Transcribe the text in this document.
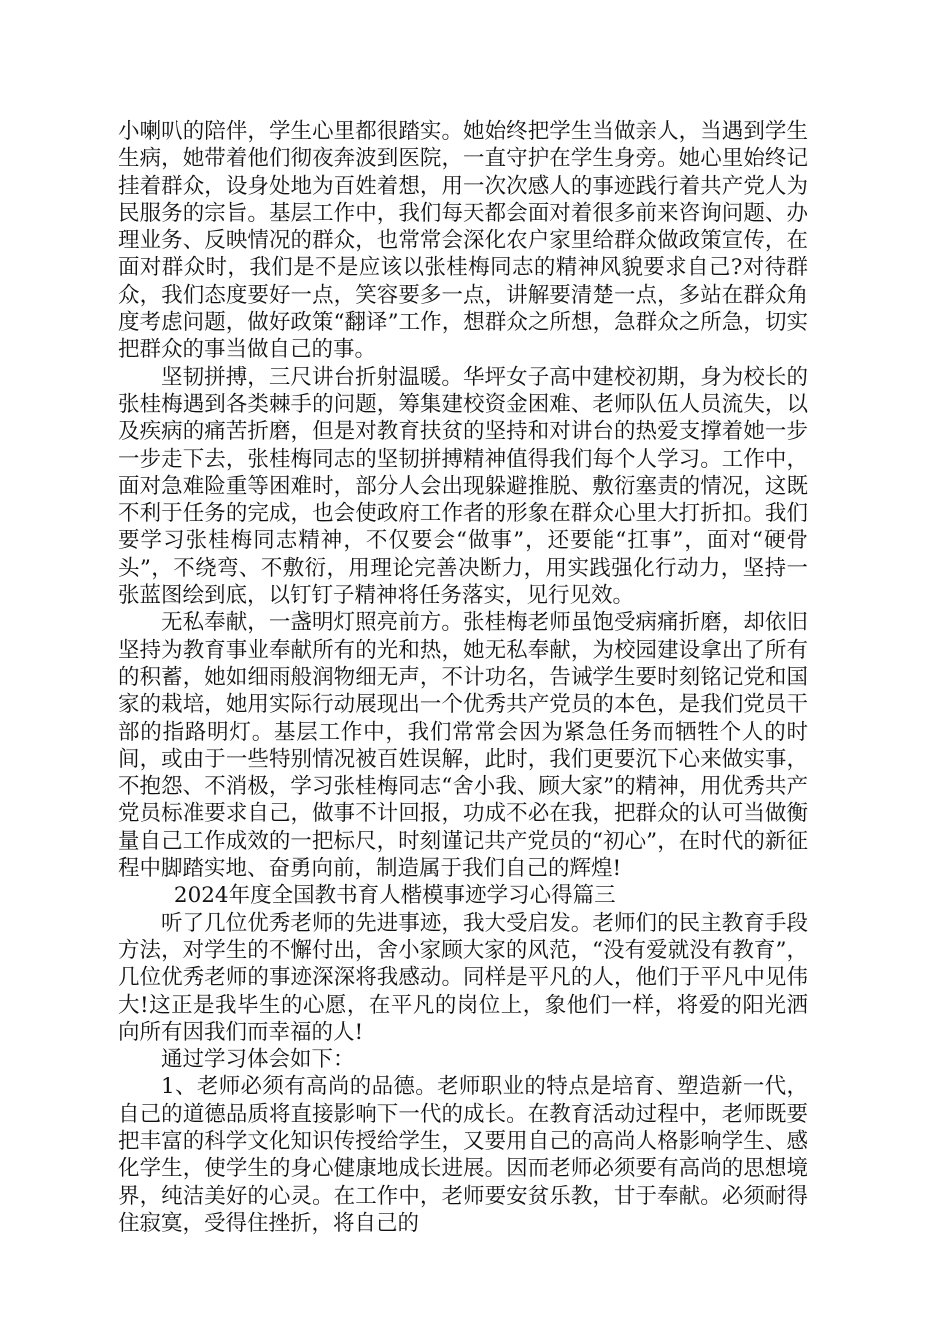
小喇叭的陪伴，学生心里都很踏实。她始终把学生当做亲人，当遇到学生生病，她带着他们彻夜奔波到医院，一直守护在学生身旁。她心里始终记挂着群众，设身处地为百姓着想，用一次次感人的事迹践行着共产党人为民服务的宗旨。基层工作中，我们每天都会面对着很多前来咨询问题、办理业务、反映情况的群众，也常常会深化农户家里给群众做政策宣传，在面对群众时，我们是不是应该以张桂梅同志的精神风貌要求自己?对待群众，我们态度要好一点，笑容要多一点，讲解要清楚一点，多站在群众角度考虑问题，做好政策“翻译”工作，想群众之所想，急群众之所急，切实把群众的事当做自己的事。

坚韧拼搏，三尺讲台折射温暖。华坪女子高中建校初期，身为校长的张桂梅遇到各类棘手的问题，筹集建校资金困难、老师队伍人员流失，以及疾病的痛苦折磨，但是对教育扶贫的坚持和对讲台的热爱支撑着她一步一步走下去，张桂梅同志的坚韧拼搏精神值得我们每个人学习。工作中，面对急难险重等困难时，部分人会出现躲避推脱、敷衍塞责的情况，这既不利于任务的完成，也会使政府工作者的形象在群众心里大打折扣。我们要学习张桂梅同志精神，不仅要会“做事”，还要能“扛事”，面对“硬骨头”，不绕弯、不敷衍，用理论完善决断力，用实践强化行动力，坚持一张蓝图绘到底，以钉钉子精神将任务落实，见行见效。

无私奉献，一盏明灯照亮前方。张桂梅老师虽饱受病痛折磨，却依旧坚持为教育事业奉献所有的光和热，她无私奉献，为校园建设拿出了所有的积蓄，她如细雨般润物细无声，不计功名，告诫学生要时刻铭记党和国家的栽培，她用实际行动展现出一个优秀共产党员的本色，是我们党员干部的指路明灯。基层工作中，我们常常会因为紧急任务而牺牲个人的时间，或由于一些特别情况被百姓误解，此时，我们更要沉下心来做实事，不抱怨、不消极，学习张桂梅同志“舍小我、顾大家”的精神，用优秀共产党员标准要求自己，做事不计回报，功成不必在我，把群众的认可当做衡量自己工作成效的一把标尺，时刻谨记共产党员的“初心”，在时代的新征程中脚踏实地、奋勇向前，制造属于我们自己的辉煌!

2024年度全国教书育人楷模事迹学习心得篇三

听了几位优秀老师的先进事迹，我大受启发。老师们的民主教育手段方法，对学生的不懈付出，舍小家顾大家的风范，“没有爱就没有教育”，几位优秀老师的事迹深深将我感动。同样是平凡的人，他们于平凡中见伟大!这正是我毕生的心愿，在平凡的岗位上，象他们一样，将爱的阳光洒向所有因我们而幸福的人!

通过学习体会如下：

1、老师必须有高尚的品德。老师职业的特点是培育、塑造新一代，自己的道德品质将直接影响下一代的成长。在教育活动过程中，老师既要把丰富的科学文化知识传授给学生，又要用自己的高尚人格影响学生、感化学生，使学生的身心健康地成长进展。因而老师必须要有高尚的思想境界，纯洁美好的心灵。在工作中，老师要安贫乐教，甘于奉献。必须耐得住寂寞，受得住挫折，将自己的
